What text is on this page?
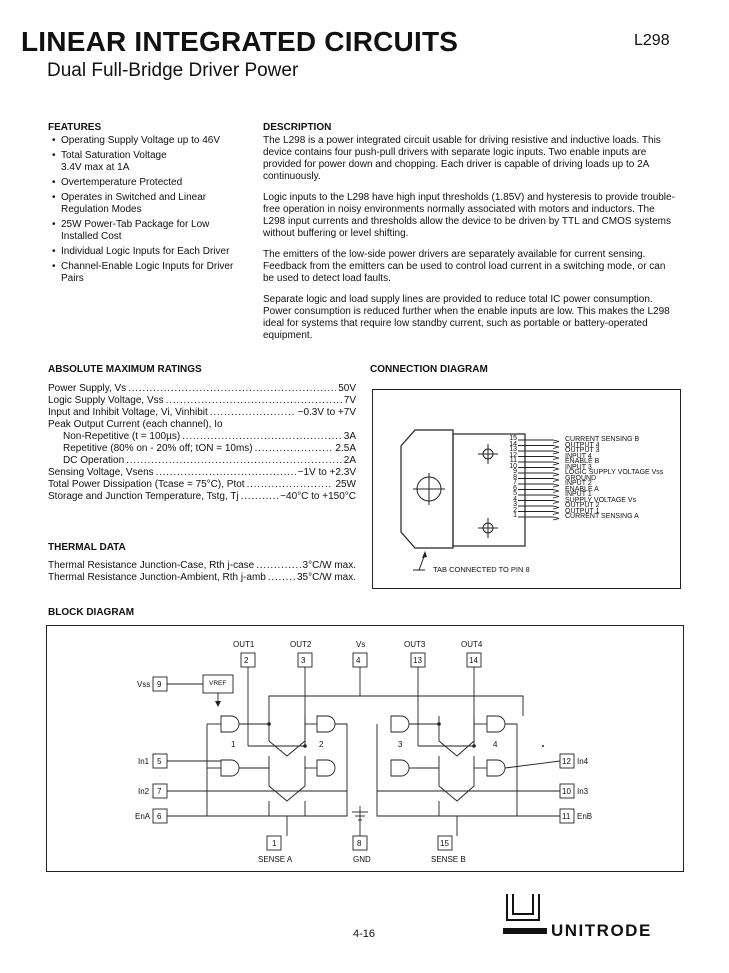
LINEAR INTEGRATED CIRCUITS
Dual Full-Bridge Driver Power
L298
FEATURES
• Operating Supply Voltage up to 46V
• Total Saturation Voltage 3.4V max at 1A
• Overtemperature Protected
• Operates in Switched and Linear Regulation Modes
• 25W Power-Tab Package for Low Installed Cost
• Individual Logic Inputs for Each Driver
• Channel-Enable Logic Inputs for Driver Pairs
DESCRIPTION

The L298 is a power integrated circuit usable for driving resistive and inductive loads. This device contains four push-pull drivers with separate logic inputs. Two enable inputs are provided for power down and chopping. Each driver is capable of driving loads up to 2A continuously.

Logic inputs to the L298 have high input thresholds (1.85V) and hysteresis to provide trouble-free operation in noisy environments normally associated with motors and inductors. The L298 input currents and thresholds allow the device to be driven by TTL and CMOS systems without buffering or level shifting.

The emitters of the low-side power drivers are separately available for current sensing. Feedback from the emitters can be used to control load current in a switching mode, or can be used to detect load faults.

Separate logic and load supply lines are provided to reduce total IC power consumption. Power consumption is reduced further when the enable inputs are low. This makes the L298 ideal for systems that require low standby current, such as portable or battery-operated equipment.

ABSOLUTE MAXIMUM RATINGS
Power Supply, Vs . . .	50V
Logic Supply Voltage, Vss . . .	7V
Input and Inhibit Voltage, Vi, Vinhibit . . .	−0.3V to +7V
Peak Output Current (each channel), Io
Non-Repetitive (t = 100µs) . . .	3A
Repetitive (80% on - 20% off; tON = 10ms) . . .	2.5A
DC Operation . . .	2A
Sensing Voltage, Vsens . . .	−1V to +2.3V
Total Power Dissipation (Tcase = 75°C), Ptot . . .	25W
Storage and Junction Temperature, Tstg, Tj . . .	−40°C to +150°C
THERMAL DATA
Thermal Resistance Junction-Case, Rth j-case . . .	3°C/W max.
Thermal Resistance Junction-Ambient, Rth j-amb . . .	35°C/W max.
CONNECTION DIAGRAM
15
14
13
12
11
10
9
8
7
6
5
4
3
2
1
CURRENT SENSING B
OUTPUT 4
OUTPUT 3
INPUT 4
ENABLE B
INPUT 3
LOGIC SUPPLY VOLTAGE Vss
GROUND
INPUT 2
ENABLE A
INPUT 1
SUPPLY VOLTAGE Vs
OUTPUT 2
OUTPUT 1
CURRENT SENSING A
TAB CONNECTED TO PIN 8
BLOCK DIAGRAM
OUT1
2
OUT2
3
Vs
4
OUT3
13
OUT4
14
Vss 9	VREF
In1 5
In2 7
EnA 6
12 In4
10 In3
11 EnB
1
SENSE A
8
GND
15
SENSE B
1	2	3	4
4-16	UNITRODE
